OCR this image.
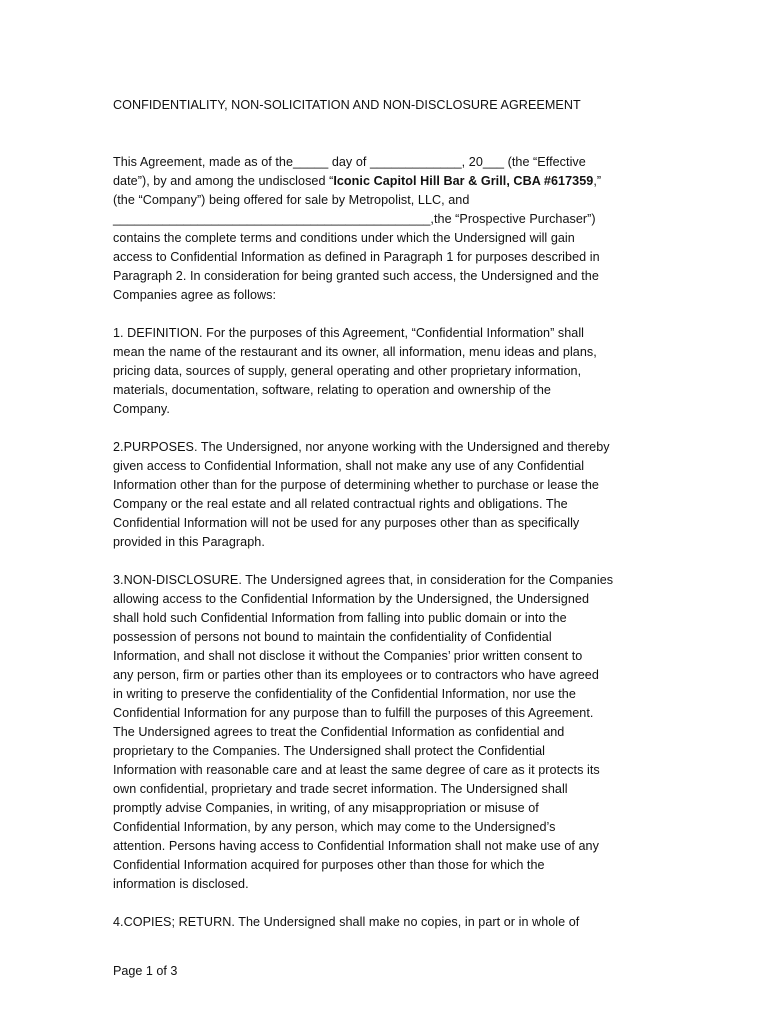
CONFIDENTIALITY, NON-SOLICITATION AND NON-DISCLOSURE AGREEMENT
This Agreement, made as of the_____ day of _____________, 20___ (the “Effective
date”), by and among the undisclosed “Iconic Capitol Hill Bar & Grill, CBA #617359,”
(the “Company”) being offered for sale by Metropolist, LLC, and
_____________________________________________,the “Prospective Purchaser”)
contains the complete terms and conditions under which the Undersigned will gain
access to Confidential Information as defined in Paragraph 1 for purposes described in
Paragraph 2. In consideration for being granted such access, the Undersigned and the
Companies agree as follows:
1. DEFINITION. For the purposes of this Agreement, “Confidential Information” shall
mean the name of the restaurant and its owner, all information, menu ideas and plans,
pricing data, sources of supply, general operating and other proprietary information,
materials, documentation, software, relating to operation and ownership of the
Company.
2.PURPOSES. The Undersigned, nor anyone working with the Undersigned and thereby
given access to Confidential Information, shall not make any use of any Confidential
Information other than for the purpose of determining whether to purchase or lease the
Company or the real estate and all related contractual rights and obligations. The
Confidential Information will not be used for any purposes other than as specifically
provided in this Paragraph.
3.NON-DISCLOSURE. The Undersigned agrees that, in consideration for the Companies
allowing access to the Confidential Information by the Undersigned, the Undersigned
shall hold such Confidential Information from falling into public domain or into the
possession of persons not bound to maintain the confidentiality of Confidential
Information, and shall not disclose it without the Companies’ prior written consent to
any person, firm or parties other than its employees or to contractors who have agreed
in writing to preserve the confidentiality of the Confidential Information, nor use the
Confidential Information for any purpose than to fulfill the purposes of this Agreement.
The Undersigned agrees to treat the Confidential Information as confidential and
proprietary to the Companies. The Undersigned shall protect the Confidential
Information with reasonable care and at least the same degree of care as it protects its
own confidential, proprietary and trade secret information. The Undersigned shall
promptly advise Companies, in writing, of any misappropriation or misuse of
Confidential Information, by any person, which may come to the Undersigned’s
attention. Persons having access to Confidential Information shall not make use of any
Confidential Information acquired for purposes other than those for which the
information is disclosed.
4.COPIES; RETURN. The Undersigned shall make no copies, in part or in whole of
Page 1 of 3
